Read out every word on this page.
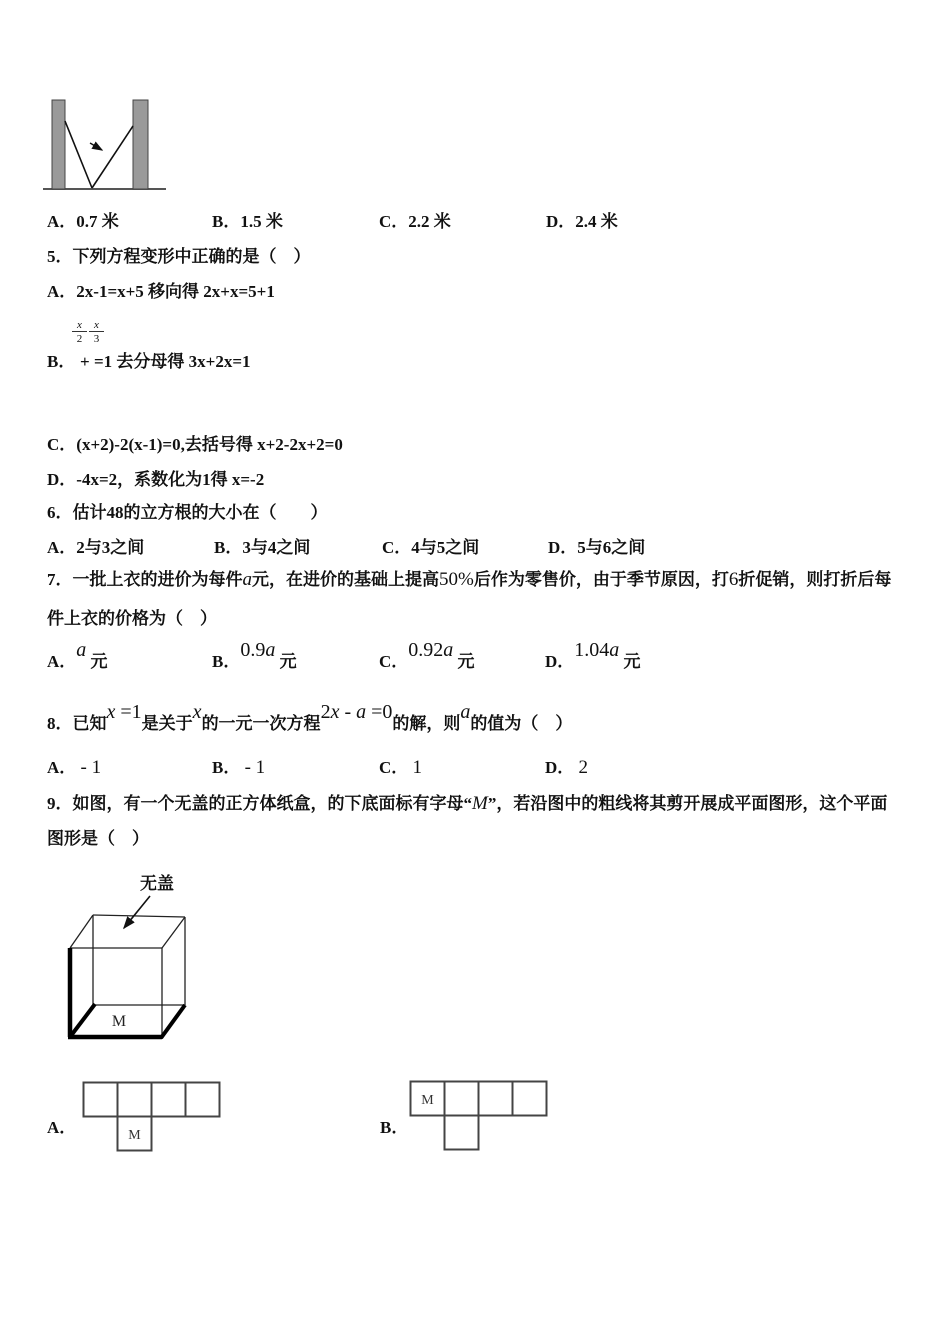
A．0.7 米	B．1.5 米	C．2.2 米	D．2.4 米
5．下列方程变形中正确的是（　）
A．2x-1=x+5 移向得 2x+x=5+1
B．
$\frac{x}{2}$
+
$\frac{x}{3}$
=1 去分母得 3x+2x=1
C．(x+2)-2(x-1)=0,去括号得 x+2-2x+2=0
D．-4x=2，系数化为1得 x=-2
6．估计48的立方根的大小在（　　）
A．2与3之间	B．3与4之间	C．4与5之间	D．5与6之间
7．一批上衣的进价为每件a元，在进价的基础上提高50%后作为零售价，由于季节原因，打6折促销，则打折后每
件上衣的价格为（　）
A．a 元	B．0.9a 元	C．0.92a 元	D．1.04a 元
8．已知x =1是关于x的一元一次方程2x - a =0的解，则a的值为（　）
A． - 1	B． - 1	C． 1	D． 2
9．如图，有一个无盖的正方体纸盒，的下底面标有字母“M”，若沿图中的粗线将其剪开展成平面图形，这个平面
图形是（　）
无盖
M
A．	M	B．
M
